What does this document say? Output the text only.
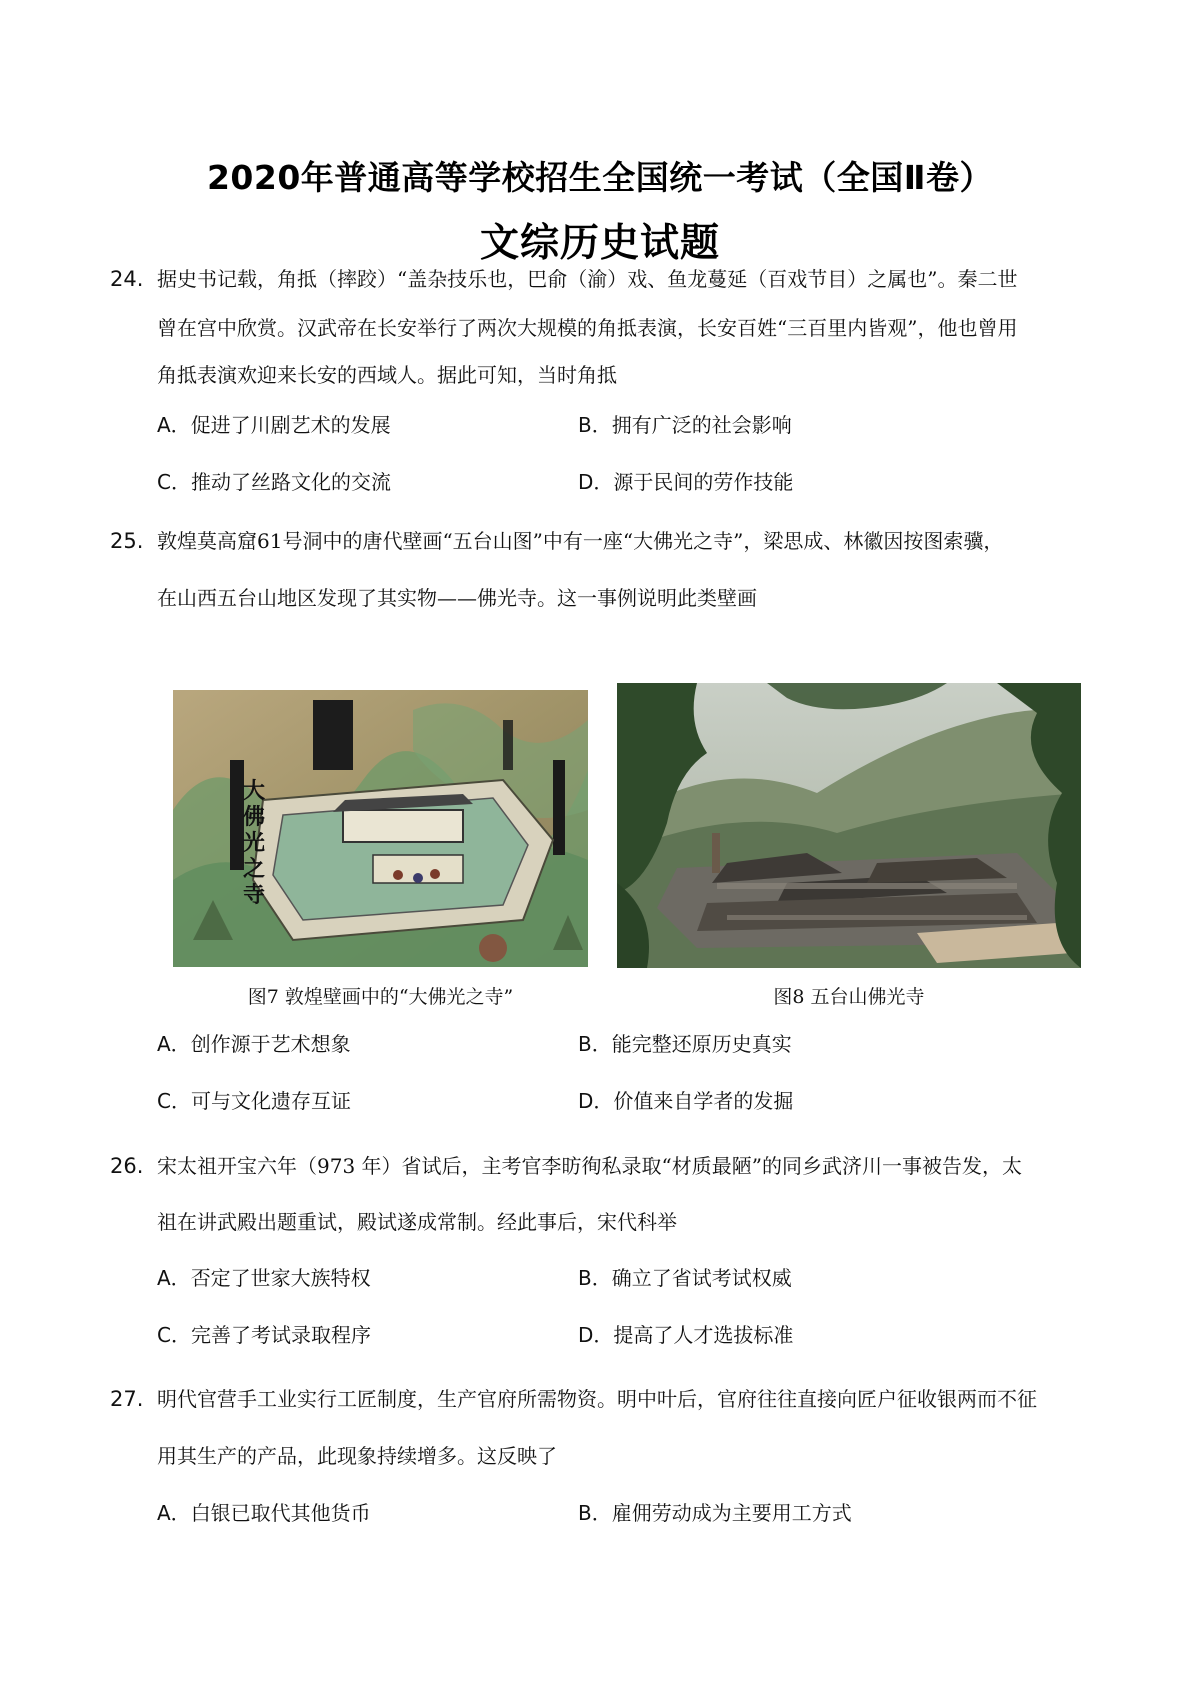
2020年普通高等学校招生全国统一考试（全国Ⅱ卷）
文综历史试题
24. 据史书记载，角抵（摔跤）“盖杂技乐也，巴俞（渝）戏、鱼龙蔓延（百戏节目）之属也”。秦二世
曾在宫中欣赏。汉武帝在长安举行了两次大规模的角抵表演，长安百姓“三百里内皆观”，他也曾用
角抵表演欢迎来长安的西域人。据此可知，当时角抵
A．促进了川剧艺术的发展	B．拥有广泛的社会影响
C．推动了丝路文化的交流	D．源于民间的劳作技能
25. 敦煌莫高窟61号洞中的唐代壁画“五台山图”中有一座“大佛光之寺”，梁思成、林徽因按图索骥，
在山西五台山地区发现了其实物——佛光寺。这一事例说明此类壁画
大佛光之寺
图7 敦煌壁画中的“大佛光之寺”	图8 五台山佛光寺
A．创作源于艺术想象	B．能完整还原历史真实
C．可与文化遗存互证	D．价值来自学者的发掘
26. 宋太祖开宝六年（973 年）省试后，主考官李昉徇私录取“材质最陋”的同乡武济川一事被告发，太
祖在讲武殿出题重试，殿试遂成常制。经此事后，宋代科举
A．否定了世家大族特权	B．确立了省试考试权威
C．完善了考试录取程序	D．提高了人才选拔标准
27. 明代官营手工业实行工匠制度，生产官府所需物资。明中叶后，官府往往直接向匠户征收银两而不征
用其生产的产品，此现象持续增多。这反映了
A．白银已取代其他货币	B．雇佣劳动成为主要用工方式
